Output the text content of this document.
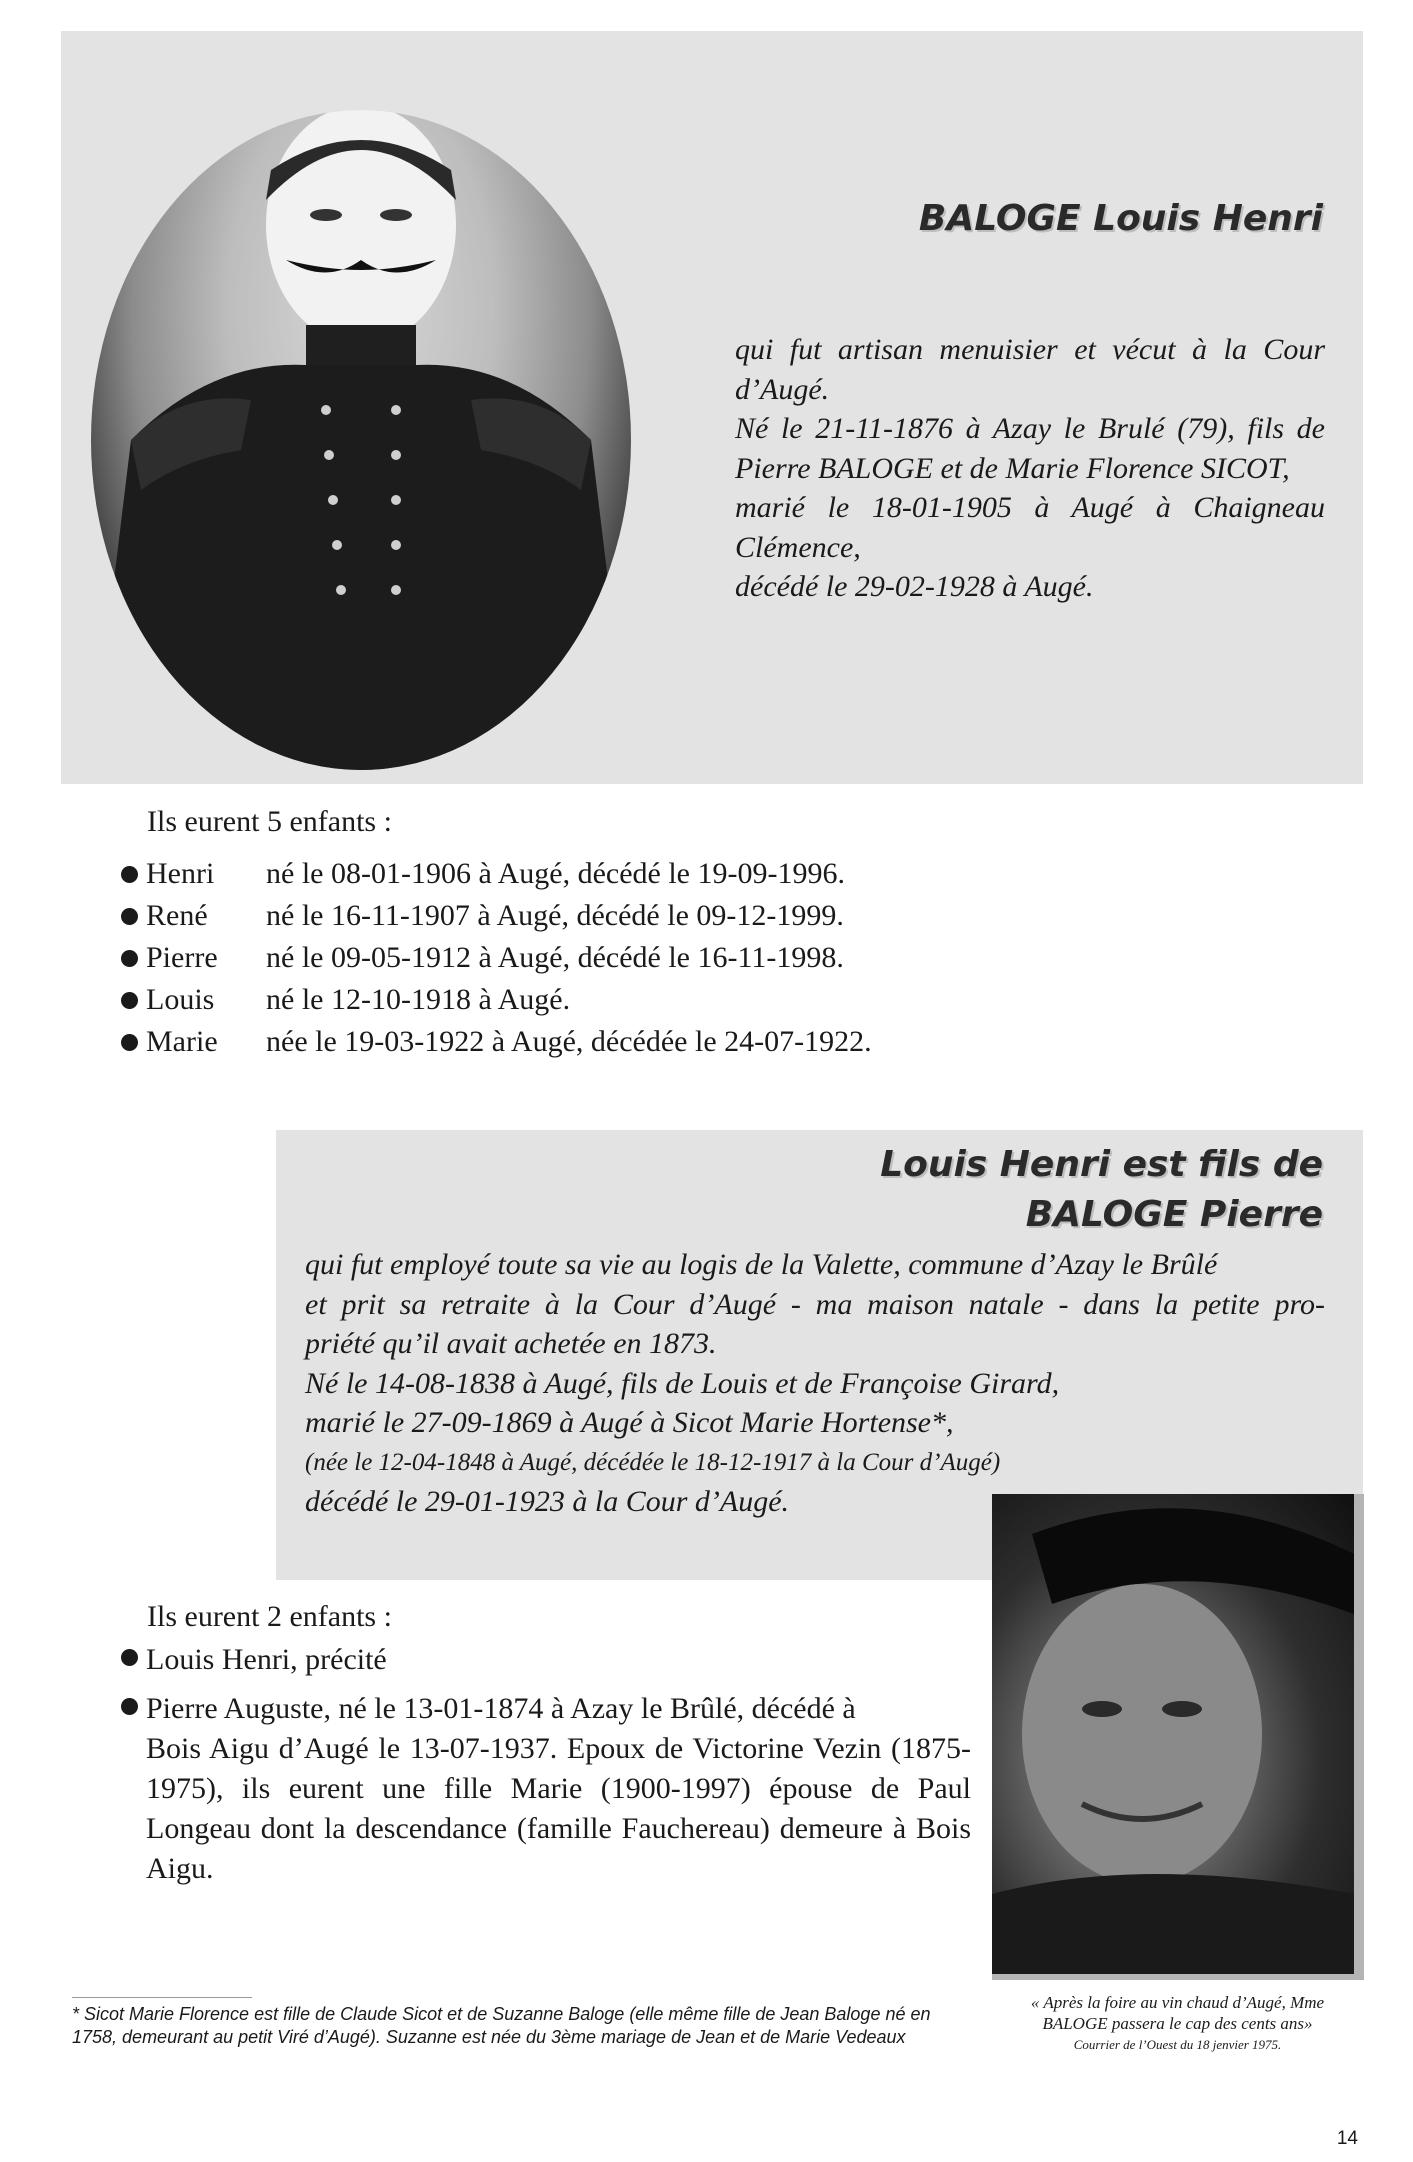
BALOGE Louis Henri

qui fut artisan menuisier et vécut à la Cour d’Augé.
Né le 21-11-1876 à Azay le Brulé (79), fils de Pierre BALOGE et de Marie Florence SICOT,
marié le 18-01-1905 à Augé à Chaigneau Clémence,
décédé le 29-02-1928 à Augé.

Ils eurent 5 enfants :

Henri	né le 08-01-1906 à Augé, décédé le 19-09-1996.
René	né le 16-11-1907 à Augé, décédé le 09-12-1999.
Pierre	né le 09-05-1912 à Augé, décédé le 16-11-1998.
Louis	né le 12-10-1918 à Augé.
Marie	née le 19-03-1922 à Augé, décédée le 24-07-1922.
Louis Henri est fils de
BALOGE Pierre

qui fut employé toute sa vie au logis de la Valette, commune d’Azay le Brûlé
et prit sa retraite à la Cour d’Augé - ma maison natale - dans la petite pro-
priété qu’il avait achetée en 1873.
Né le 14-08-1838 à Augé, fils de Louis et de Françoise Girard,
marié le 27-09-1869 à Augé à Sicot Marie Hortense*,
(née le 12-04-1848 à Augé, décédée le 18-12-1917 à la Cour d’Augé)
décédé le 29-01-1923 à la Cour d’Augé.

Ils eurent 2 enfants :

Louis Henri, précité
Pierre Auguste, né le 13-01-1874 à Azay le Brûlé, décédé à
Bois Aigu d’Augé le 13-07-1937. Epoux de Victorine Vezin (1875-1975), ils eurent une fille Marie (1900-1997) épouse de Paul Longeau dont la descendance (famille Fauchereau) demeure à Bois Aigu.

* Sicot Marie Florence est fille de Claude Sicot et de Suzanne Baloge (elle même fille de Jean Baloge né en 1758, demeurant au petit Viré d’Augé). Suzanne est née du 3ème mariage de Jean et de Marie Vedeaux

« Après la foire au vin chaud d’Augé, Mme
BALOGE passera le cap des cents ans»
Courrier de l’Ouest du 18 jenvier 1975.
14
